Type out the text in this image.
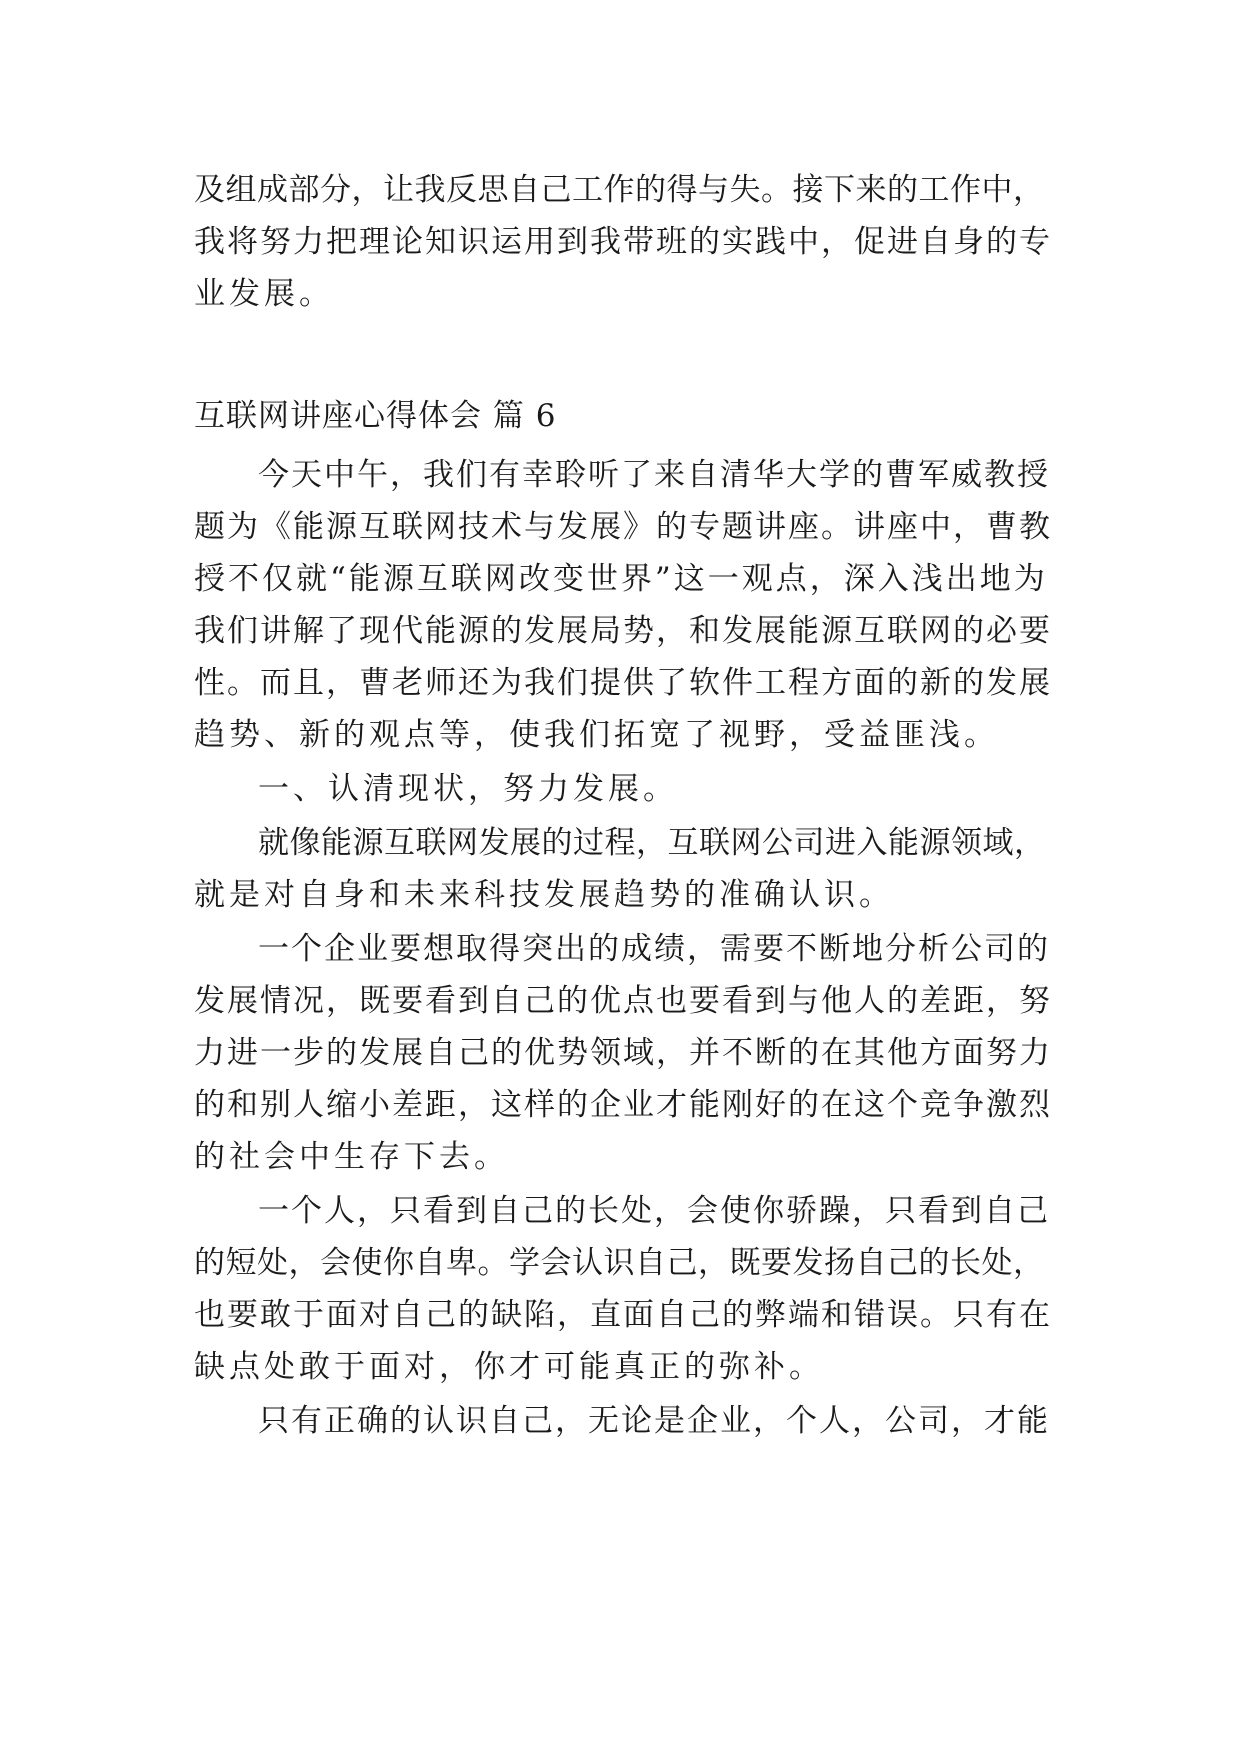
及组成部分，让我反思自己工作的得与失。接下来的工作中，
我将努力把理论知识运用到我带班的实践中，促进自身的专
业发展。
互联网讲座心得体会 篇 6
今天中午，我们有幸聆听了来自清华大学的曹军威教授
题为《能源互联网技术与发展》的专题讲座。讲座中，曹教
授不仅就“能源互联网改变世界”这一观点，深入浅出地为
我们讲解了现代能源的发展局势，和发展能源互联网的必要
性。而且，曹老师还为我们提供了软件工程方面的新的发展
趋势、新的观点等，使我们拓宽了视野，受益匪浅。
一、认清现状，努力发展。
就像能源互联网发展的过程，互联网公司进入能源领域，
就是对自身和未来科技发展趋势的准确认识。
一个企业要想取得突出的成绩，需要不断地分析公司的
发展情况，既要看到自己的优点也要看到与他人的差距，努
力进一步的发展自己的优势领域，并不断的在其他方面努力
的和别人缩小差距，这样的企业才能刚好的在这个竞争激烈
的社会中生存下去。
一个人，只看到自己的长处，会使你骄躁，只看到自己
的短处，会使你自卑。学会认识自己，既要发扬自己的长处，
也要敢于面对自己的缺陷，直面自己的弊端和错误。只有在
缺点处敢于面对，你才可能真正的弥补。
只有正确的认识自己，无论是企业，个人，公司，才能
